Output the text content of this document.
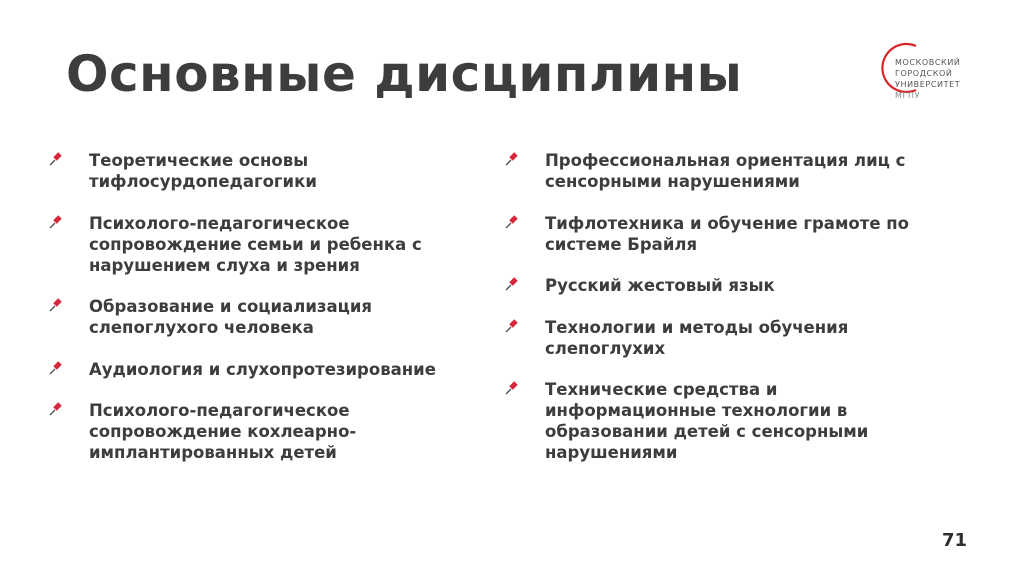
Основные дисциплины	МОСКОВСКИЙ
ГОРОДСКОЙ
УНИВЕРСИТЕТ
МГПУ
Теоретические основы тифлосурдопедагогики
Психолого-педагогическое сопровождение семьи и ребенка с нарушением слуха и зрения
Образование и социализация слепоглухого человека
Аудиология и слухопротезирование
Психолого-педагогическое сопровождение кохлеарно-имплантированных детей
Профессиональная ориентация лиц с сенсорными нарушениями
Тифлотехника и обучение грамоте по системе Брайля
Русский жестовый язык
Технологии и методы обучения слепоглухих
Технические средства и информационные технологии в образовании детей с сенсорными нарушениями
71
